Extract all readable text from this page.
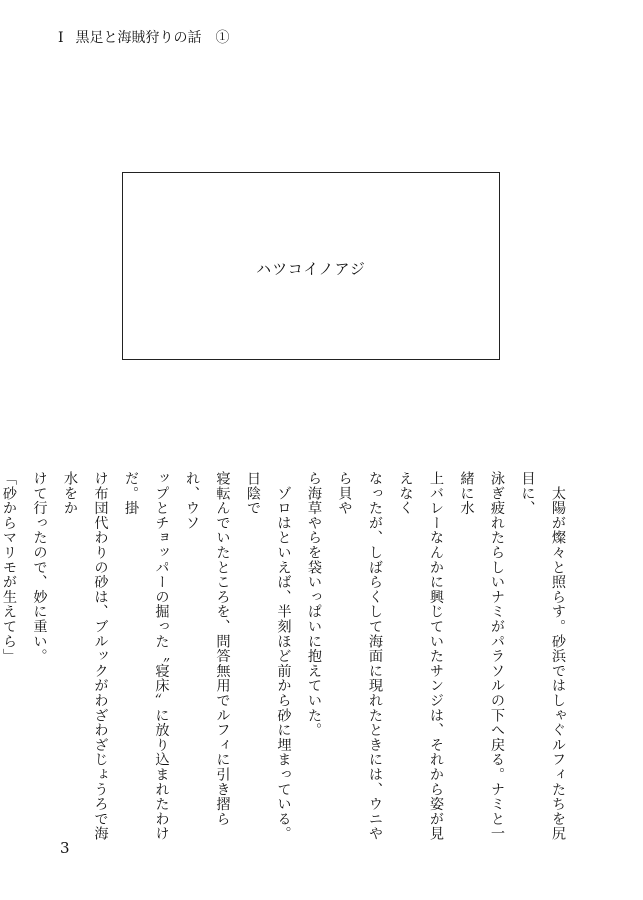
Ⅰ 黒足と海賊狩りの話　①
ハツコイノアジ

　太陽が燦々と照らす。砂浜ではしゃぐルフィたちを尻目に、

泳ぎ疲れたらしいナミがパラソルの下へ戻る。ナミと一緒に水

上バレーなんかに興じていたサンジは、それから姿が見えなく

なったが、しばらくして海面に現れたときには、ウニやら貝や

ら海草やらを袋いっぱいに抱えていた。

　ゾロはといえば、半刻ほど前から砂に埋まっている。日陰で

寝転んでいたところを、問答無用でルフィに引き摺られ、ウソ

ップとチョッパーの掘った〝寝床〟に放り込まれたわけだ。掛

け布団代わりの砂は、ブルックがわざわざじょうろで海水をか

けて行ったので、妙に重い。

「砂からマリモが生えてら」

3
